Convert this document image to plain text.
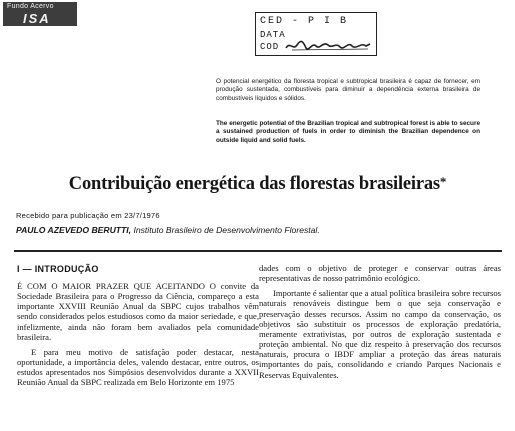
Fundo Acervo
ISA	CED - P I B
DATA
COD

O potencial energético da floresta tropical e subtropical brasileira é capaz de fornecer, em produção sustentada, combustíveis para diminuir a dependência externa brasileira de combustíveis líquidos e sólidos.

The energetic potential of the Brazilian tropical and subtropical forest is able to secure a sustained production of fuels in order to diminish the Brazilian dependence on outside liquid and solid fuels.

Contribuição energética das florestas brasileiras*
Recebido para publicação em 23/7/1976
PAULO AZEVEDO BERUTTI, Instituto Brasileiro de Desenvolvimento Florestal.
I — INTRODUÇÃO

É COM O MAIOR PRAZER QUE ACEITANDO O convite da Sociedade Brasileira para o Progresso da Ciência, compareço a esta importante XXVIII Reunião Anual da SBPC cujos trabalhos vêm sendo considerados pelos estudiosos como da maior seriedade, e que, infelizmente, ainda não foram bem avaliados pela comunidade brasileira.

E para meu motivo de satisfação poder destacar, nesta oportunidade, a importância deles, valendo destacar, entre outros, os estudos apresentados nos Simpósios desenvolvidos durante a XXVII Reunião Anual da SBPC realizada em Belo Horizonte em 1975

dades com o objetivo de proteger e conservar outras áreas representativas de nosso patrimônio ecológico.

Importante é salientar que a atual política brasileira sobre recursos naturais renováveis distingue bem o que seja conservação e preservação desses recursos. Assim no campo da conservação, os objetivos são substituir os processos de exploração predatória, meramente extrativistas, por outros de exploração sustentada e proteção ambiental. No que diz respeito à preservação dos recursos naturais, procura o IBDF ampliar a proteção das áreas naturais importantes do país, consolidando e criando Parques Nacionais e Reservas Equivalentes.
